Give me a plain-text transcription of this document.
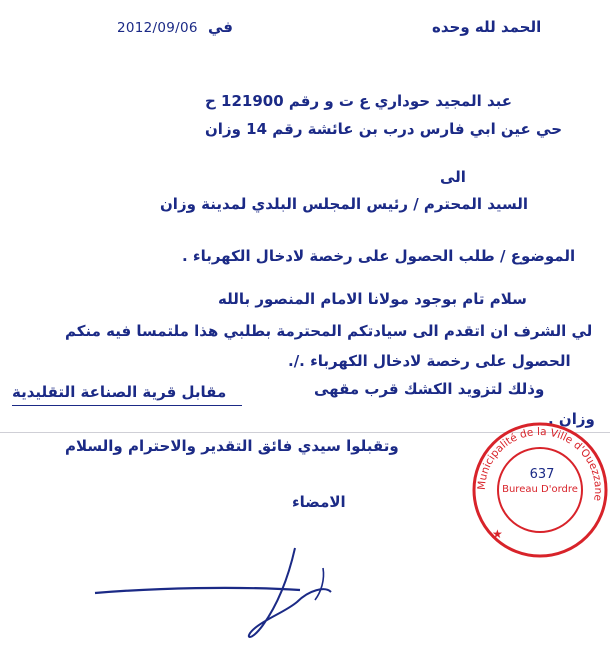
الحمد لله وحده
2012/09/06 في
عبد المجيد حوداري ع ت و رقم 121900 ح
حي عين ابي فارس درب بن عائشة رقم 14 وزان
الى
السيد المحترم / رئيس المجلس البلدي لمدينة وزان
الموضوع / طلب الحصول على رخصة لادخال الكهرباء .
سلام تام بوجود مولانا الامام المنصور بالله
لي الشرف ان اتقدم الى سيادتكم المحترمة بطلبي هذا ملتمسا فيه منكم
الحصول على رخصة لادخال الكهرباء ./.
وذلك لتزويد الكشك قرب مقهى
مقابل قرية الصناعة التقليدية
وزان .
وتقبلوا سيدي فائق التقدير والاحترام والسلام
الامضاء
Municipalité de la Ville d'Ouezzane
637
Bureau D'ordre
★
